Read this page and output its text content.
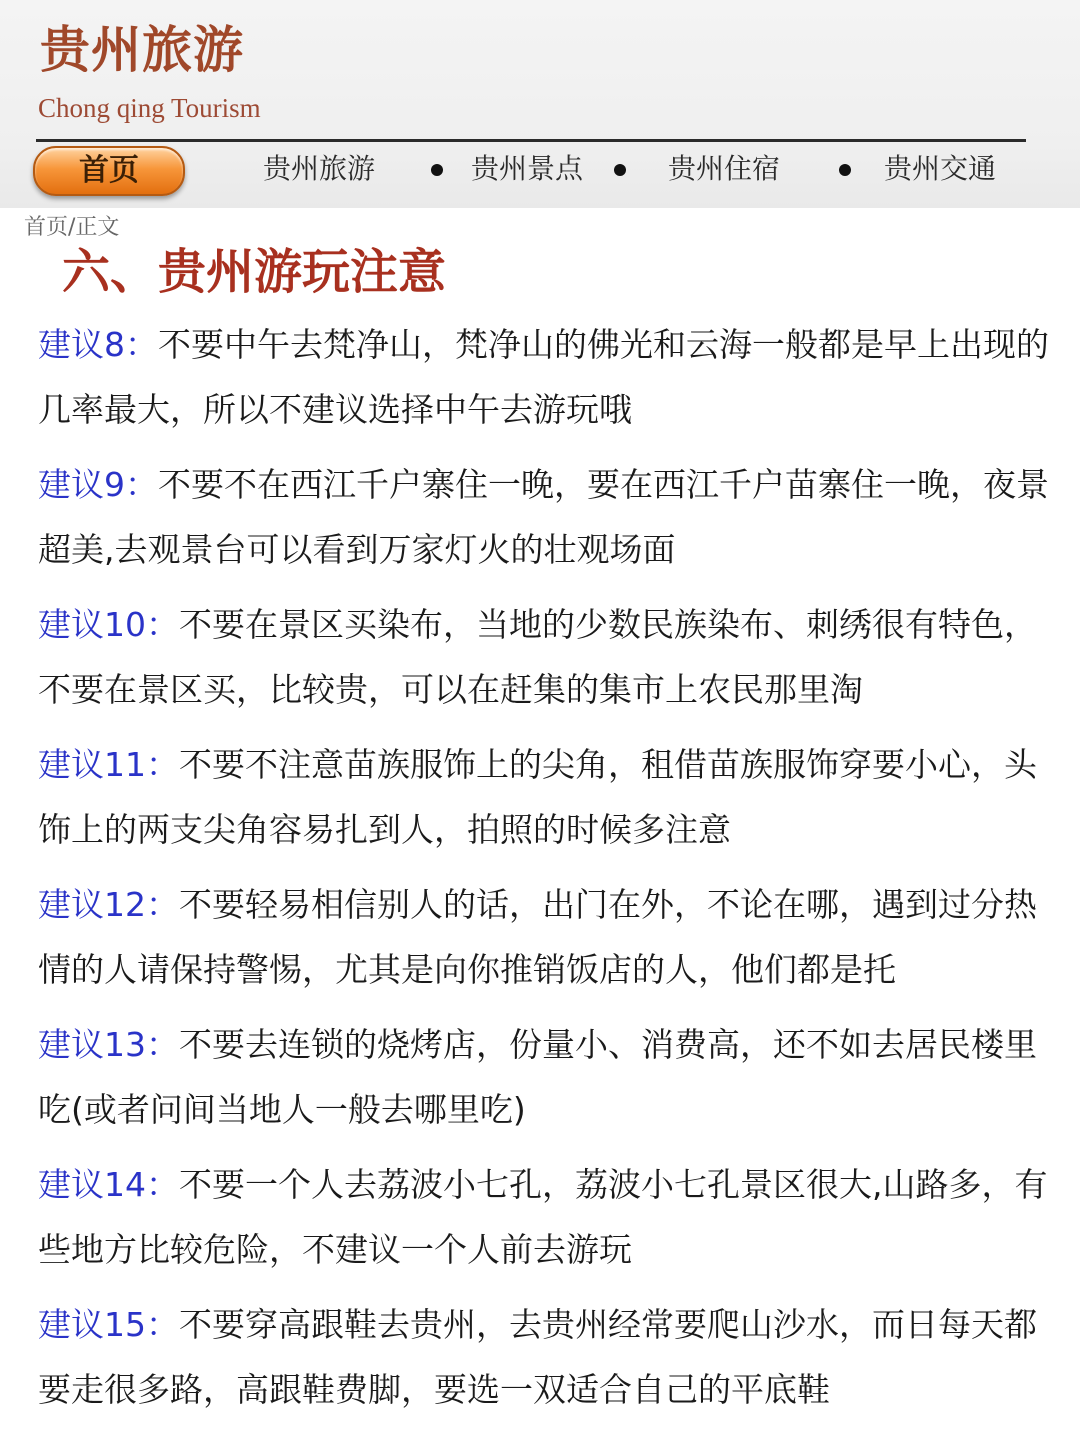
贵州旅游
Chong qing Tourism
首页	贵州旅游	贵州景点	贵州住宿	贵州交通
首页/正文
六、贵州游玩注意

建议8：不要中午去梵净山，梵净山的佛光和云海一般都是早上出现的几率最大，所以不建议选择中午去游玩哦

建议9：不要不在西江千户寨住一晚，要在西江千户苗寨住一晚，夜景超美,去观景台可以看到万家灯火的壮观场面

建议10：不要在景区买染布，当地的少数民族染布、刺绣很有特色，不要在景区买，比较贵，可以在赶集的集市上农民那里淘

建议11：不要不注意苗族服饰上的尖角，租借苗族服饰穿要小心，头饰上的两支尖角容易扎到人，拍照的时候多注意

建议12：不要轻易相信别人的话，出门在外，不论在哪，遇到过分热情的人请保持警惕，尤其是向你推销饭店的人，他们都是托

建议13：不要去连锁的烧烤店，份量小、消费高，还不如去居民楼里吃(或者问间当地人一般去哪里吃)

建议14：不要一个人去荔波小七孔，荔波小七孔景区很大,山路多，有些地方比较危险，不建议一个人前去游玩

建议15：不要穿高跟鞋去贵州，去贵州经常要爬山沙水，而日每天都要走很多路，高跟鞋费脚，要选一双适合自己的平底鞋
